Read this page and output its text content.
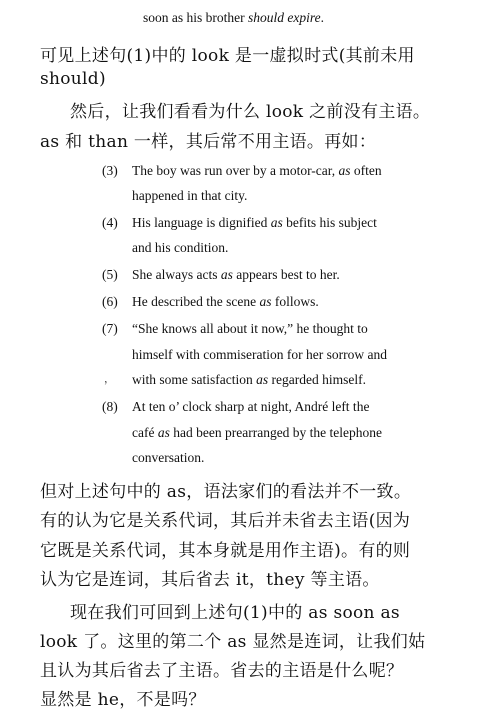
soon as his brother should expire.
可见上述句(1)中的 look 是一虚拟时式(其前未用
should)
然后，让我们看看为什么 look 之前没有主语。
as 和 than 一样，其后常不用主语。再如：
(3) The boy was run over by a motor-car, as often
happened in that city.
(4) His language is dignified as befits his subject
and his condition.
(5) She always acts as appears best to her.
(6) He described the scene as follows.
(7) “She knows all about it now,” he thought to
himself with commiseration for her sorrow and
， with some satisfaction as regarded himself.
(8) At ten o’ clock sharp at night, André left the
café as had been prearranged by the telephone
conversation.
但对上述句中的 as，语法家们的看法并不一致。
有的认为它是关系代词，其后并未省去主语(因为
它既是关系代词，其本身就是用作主语)。有的则
认为它是连词，其后省去 it，they 等主语。
现在我们可回到上述句(1)中的 as soon as
look 了。这里的第二个 as 显然是连词，让我们姑
且认为其后省去了主语。省去的主语是什么呢？
显然是 he，不是吗？
